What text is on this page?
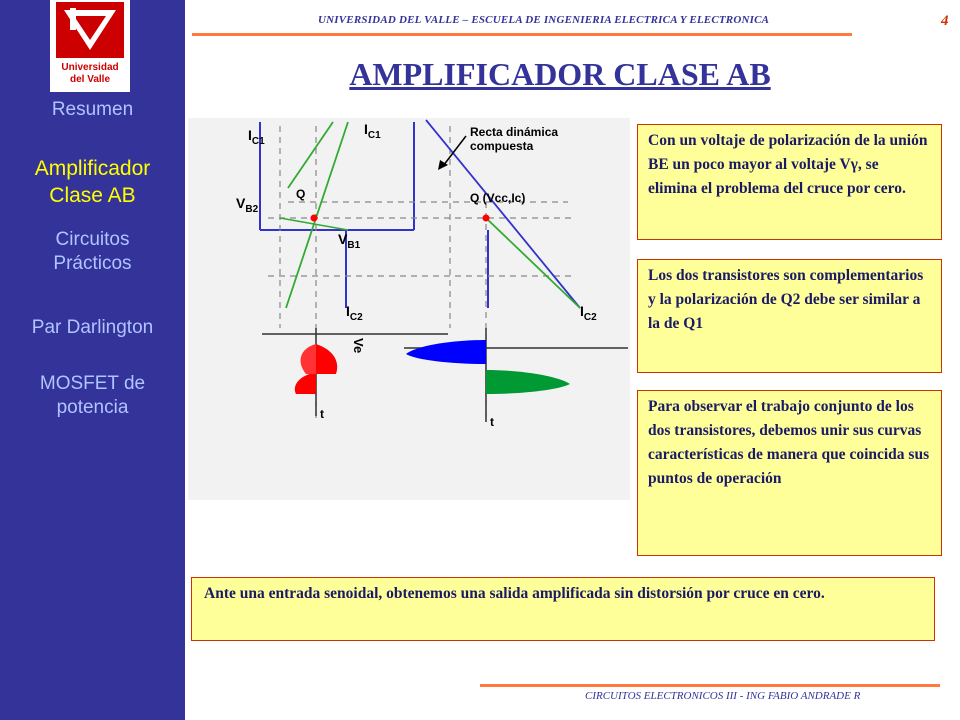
Universidad
del Valle
Resumen
Amplificador Clase AB
Circuitos Prácticos
Par Darlington
MOSFET de potencia
UNIVERSIDAD DEL VALLE – ESCUELA DE INGENIERIA ELECTRICA Y ELECTRONICA	4
AMPLIFICADOR CLASE AB
$I_{C1}$
$I_{C1}$
$V_{B2}$
$V_{B1}$
$I_{C2}$	$I_{C2}$
Q	Q (Vcc,Ic)
Recta dinámica
compuesta
Ve
t
t
Con un voltaje de polarización de la unión BE un poco mayor al voltaje Vγ, se elimina el problema del cruce por cero.
Los dos transistores son complementarios y la polarización de Q2 debe ser similar a la de Q1
Para observar el trabajo conjunto de los dos transistores, debemos unir sus curvas características de manera que coincida sus puntos de operación
Ante una entrada senoidal, obtenemos una salida amplificada sin distorsión por cruce en cero.
CIRCUITOS ELECTRONICOS III - ING FABIO ANDRADE R
